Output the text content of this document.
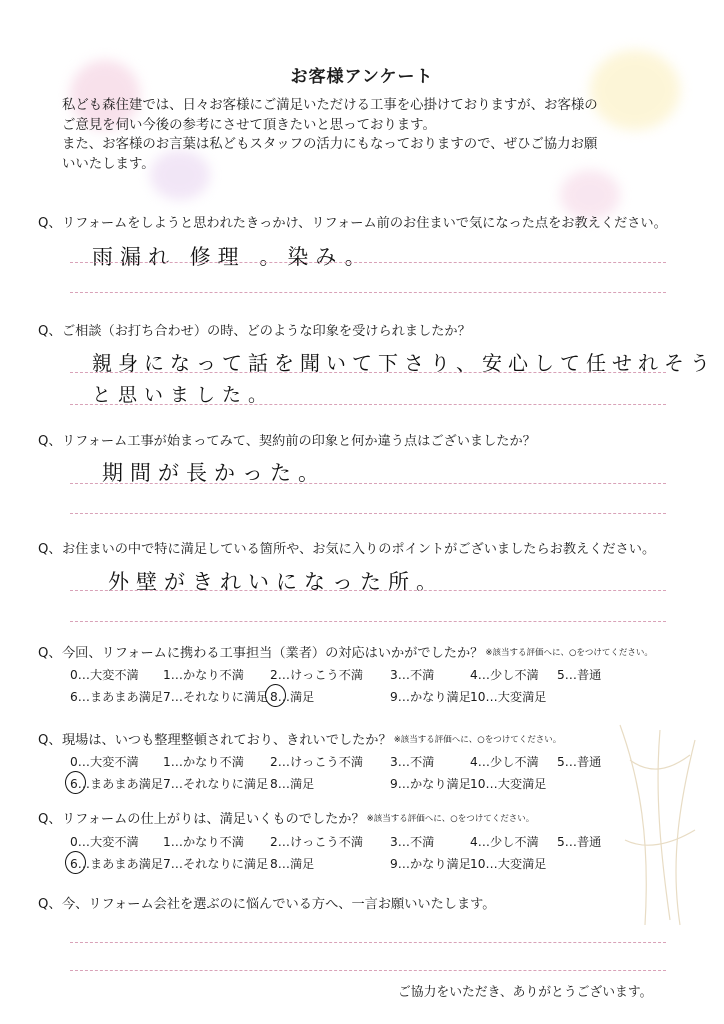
お客様アンケート

私ども森住建では、日々お客様にご満足いただける工事を心掛けておりますが、お客様の

ご意見を伺い今後の参考にさせて頂きたいと思っております。

また、お客様のお言葉は私どもスタッフの活力にもなっておりますので、ぜひご協力お願

いいたします。

Q、リフォームをしようと思われたきっかけ、リフォーム前のお住まいで気になった点をお教えください。
雨漏れ 修理 。染み。
Q、ご相談（お打ち合わせ）の時、どのような印象を受けられましたか？
親身になって話を聞いて下さり、安心して任せれそう
と思いました。
Q、リフォーム工事が始まってみて、契約前の印象と何か違う点はございましたか？
期間が長かった。
Q、お住まいの中で特に満足している箇所や、お気に入りのポイントがございましたらお教えください。
外壁がきれいになった所。
Q、今回、リフォームに携わる工事担当（業者）の対応はいかがでしたか？ ※該当する評価へに、○をつけてください。
0…大変不満 1…かなり不満 2…けっこう不満 3…不満	4…少し不満 5…普通
6…まあまあ満足 7…それなりに満足 8…満足	9…かなり満足 10…大変満足
Q、現場は、いつも整理整頓されており、きれいでしたか？ ※該当する評価へに、○をつけてください。
0…大変不満 1…かなり不満 2…けっこう不満 3…不満	4…少し不満 5…普通
6…まあまあ満足 7…それなりに満足 8…満足	9…かなり満足 10…大変満足
Q、リフォームの仕上がりは、満足いくものでしたか？ ※該当する評価へに、○をつけてください。
0…大変不満 1…かなり不満 2…けっこう不満 3…不満	4…少し不満 5…普通
6…まあまあ満足 7…それなりに満足 8…満足	9…かなり満足 10…大変満足
Q、今、リフォーム会社を選ぶのに悩んでいる方へ、一言お願いいたします。
ご協力をいただき、ありがとうございます。
